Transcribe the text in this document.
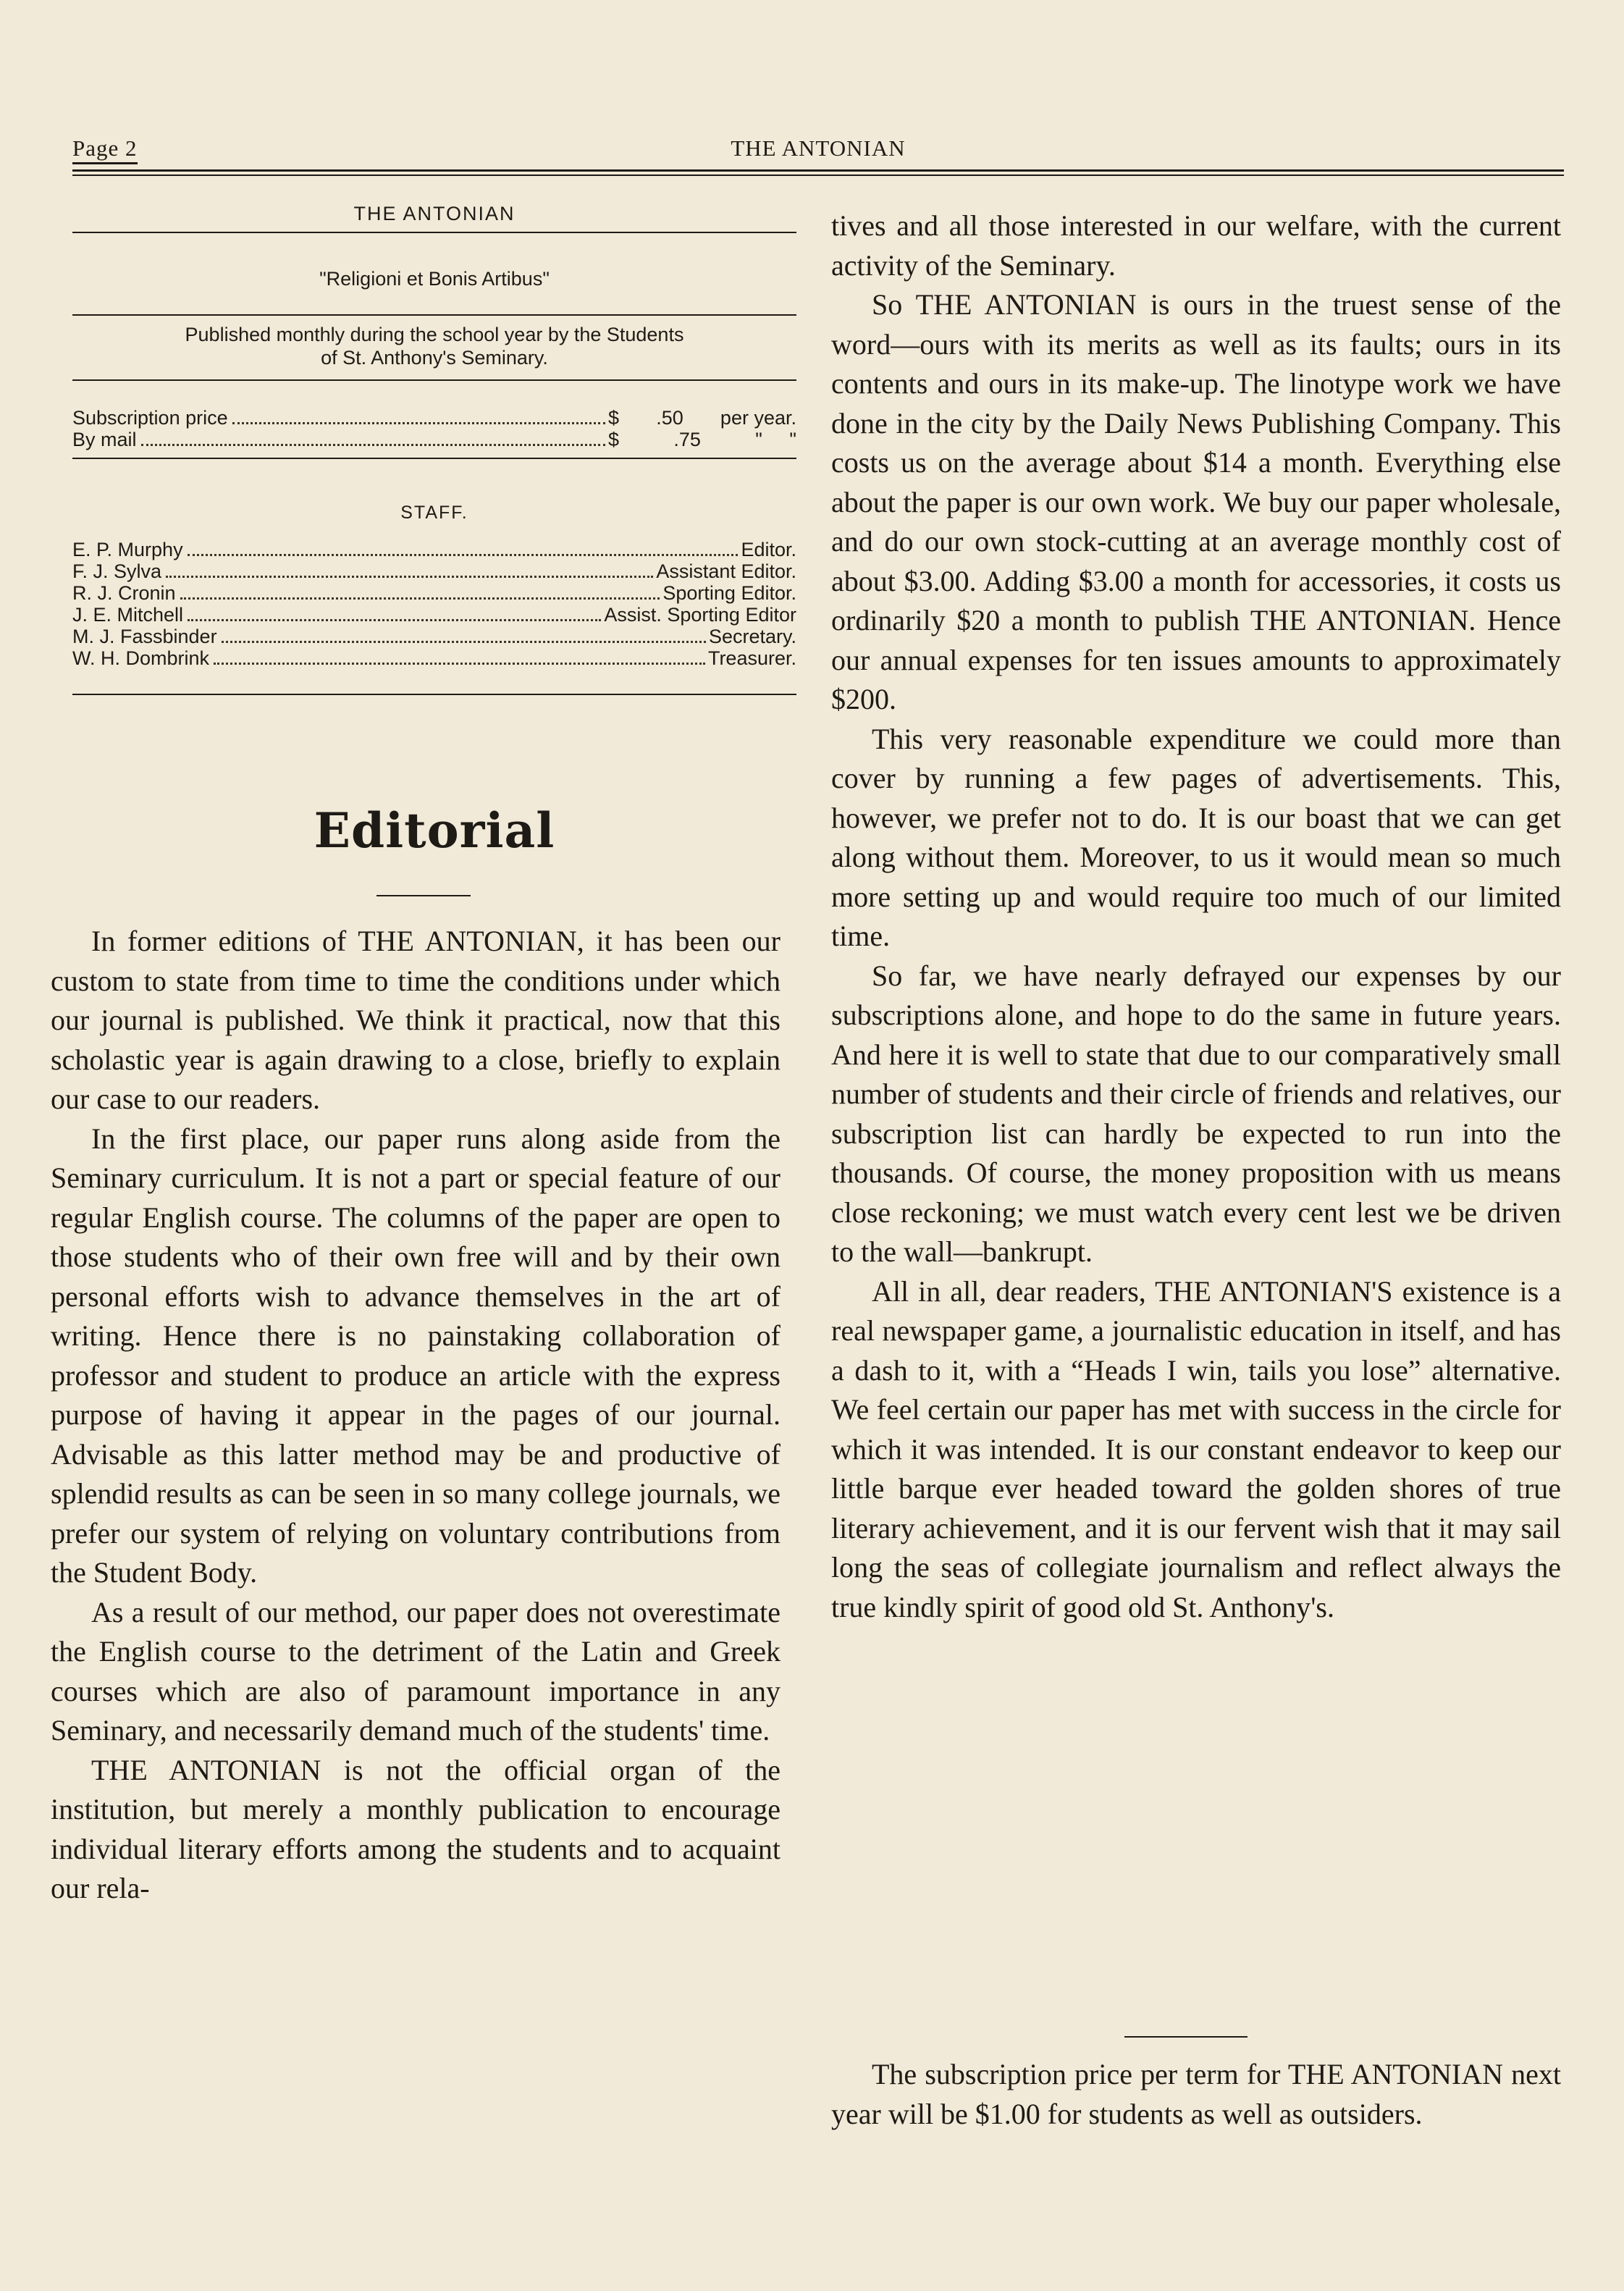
Page 2	THE ANTONIAN
THE ANTONIAN
"Religioni et Bonis Artibus"
Published monthly during the school year by the Students
of St. Anthony's Seminary.
Subscription price	$ .50 per year.
By mail	$	.75	"     "
STAFF.
E. P. Murphy	Editor.
F. J. Sylva	Assistant Editor.
R. J. Cronin	Sporting Editor.
J. E. Mitchell	Assist. Sporting Editor
M. J. Fassbinder	Secretary.
W. H. Dombrink	Treasurer.
Editorial

In former editions of THE ANTONIAN, it has been our custom to state from time to time the conditions under which our journal is published. We think it practical, now that this scholastic year is again drawing to a close, briefly to explain our case to our readers.

In the first place, our paper runs along aside from the Seminary curriculum. It is not a part or special feature of our regular English course. The columns of the paper are open to those students who of their own free will and by their own personal efforts wish to advance themselves in the art of writing. Hence there is no painstaking collaboration of professor and student to produce an article with the express purpose of having it appear in the pages of our journal. Advisable as this latter method may be and productive of splendid results as can be seen in so many college journals, we prefer our system of relying on voluntary contributions from the Student Body.

As a result of our method, our paper does not overestimate the English course to the detriment of the Latin and Greek courses which are also of paramount importance in any Seminary, and necessarily demand much of the students' time.

THE ANTONIAN is not the official organ of the institution, but merely a monthly publication to encourage individual literary efforts among the students and to acquaint our rela-

tives and all those interested in our welfare, with the current activity of the Seminary.

So THE ANTONIAN is ours in the truest sense of the word—ours with its merits as well as its faults; ours in its contents and ours in its make-up. The linotype work we have done in the city by the Daily News Publishing Company. This costs us on the average about $14 a month. Everything else about the paper is our own work. We buy our paper wholesale, and do our own stock-cutting at an average monthly cost of about $3.00. Adding $3.00 a month for accessories, it costs us ordinarily $20 a month to publish THE ANTONIAN. Hence our annual expenses for ten issues amounts to approximately $200.

This very reasonable expenditure we could more than cover by running a few pages of advertisements. This, however, we prefer not to do. It is our boast that we can get along without them. Moreover, to us it would mean so much more setting up and would require too much of our limited time.

So far, we have nearly defrayed our expenses by our subscriptions alone, and hope to do the same in future years. And here it is well to state that due to our comparatively small number of students and their circle of friends and relatives, our subscription list can hardly be expected to run into the thousands. Of course, the money proposition with us means close reckoning; we must watch every cent lest we be driven to the wall—bankrupt.

All in all, dear readers, THE ANTONIAN'S existence is a real newspaper game, a journalistic education in itself, and has a dash to it, with a “Heads I win, tails you lose” alternative. We feel certain our paper has met with success in the circle for which it was intended. It is our constant endeavor to keep our little barque ever headed toward the golden shores of true literary achievement, and it is our fervent wish that it may sail long the seas of collegiate journalism and reflect always the true kindly spirit of good old St. Anthony's.

The subscription price per term for THE ANTONIAN next year will be $1.00 for students as well as outsiders.
